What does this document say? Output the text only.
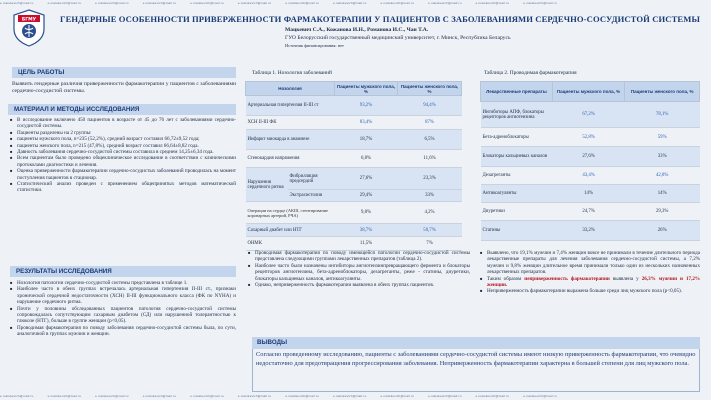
e.matskevich@mail.ru	e.matskevich@mail.ru	e.matskevich@mail.ru	e.matskevich@mail.ru	e.matskevich@mail.ru	e.matskevich@mail.ru	e.matskevich@mail.ru	e.matskevich@mail.ru	e.matskevich@mail.ru	e.matskevich@mail.ru	e.matskevich@mail.ru	e.matskevich@mail.ru
e.matskevich@mail.ru	e.matskevich@mail.ru	e.matskevich@mail.ru	e.matskevich@mail.ru	e.matskevich@mail.ru	e.matskevich@mail.ru	e.matskevich@mail.ru	e.matskevich@mail.ru	e.matskevich@mail.ru	e.matskevich@mail.ru	e.matskevich@mail.ru	e.matskevich@mail.ru
БГМУ	ГЕНДЕРНЫЕ ОСОБЕННОСТИ ПРИВЕРЖЕННОСТИ ФАРМАКОТЕРАПИИ У ПАЦИЕНТОВ С ЗАБОЛЕВАНИЯМИ СЕРДЕЧНО-СОСУДИСТОЙ СИСТЕМЫ
Мацкевич С.А., Кожанова И.Н., Романова И.С., Чан Т.А.
ГУО Белорусский государственный медицинский университет, г. Минск, Республика Беларусь
Источник финансирования: нет
ЦЕЛЬ РАБОТЫ
Выявить гендерные различия приверженности фармакотерапии у пациентов с заболеваниями сердечно-сосудистой системы.
МАТЕРИАЛ И МЕТОДЫ ИССЛЕДОВАНИЯ
■ В исследование включено 450 пациентов в возрасте от 45 до 76 лет с заболеваниями сердечно-сосудистой системы.
■ Пациенты разделены на 2 группы:
■ пациенты мужского пола, n=235 (52,2%), средний возраст составил 66,72±9,52 года;
■ пациенты женского пола, n=215 (47,8%), средний возраст составил 66,64±8,82 года.
■ Давность заболевания сердечно-сосудистой системы составила в среднем 14,25±6,34 года.
■ Всем пациентам было проведено общеклиническое исследование в соответствии с клиническими протоколами диагностики и лечения.
■ Оценка приверженности фармакотерапии сердечно-сосудистых заболеваний проводилась на момент поступления пациентов в стационар.
■ Статистический анализ проведен с применением общепринятых методов математической статистики.
РЕЗУЛЬТАТЫ ИССЛЕДОВАНИЯ
■ Нозология патологии сердечно-сосудистой системы представлена в таблице 1.
■ Наиболее часто в обеих группах встречалась артериальная гипертензия II-III ст., признаки хронической сердечной недостаточности (ХСН) II-III функционального класса (ФК по NYHA) и нарушение сердечного ритма.
■ Почти у половины обследованных пациентов патология сердечно-сосудистой системы сопровождалась сопутствующим сахарным диабетом (СД) или нарушенной толерантностью к глюкозе (НТГ), больше в группе женщин (p<0,05).
■ Проводимая фармакотерапия по поводу заболевания сердечно-сосудистой системы была, по сути, аналогичной в группах мужчин и женщин.
Таблица 1. Нозология заболеваний
Нозология		Пациенты мужского пола, %	Пациенты женского пола, %
Артериальная гипертензия II-III ст		93,2%	94,4%
ХСН II-III ФК		83,4%	87%
Инфаркт миокарда в анамнезе		18,7%	6,5%
Стенокардия напряжения		6,8%	11,6%
Нарушения сердечного ритма	Фибрилляция предсердий	27,6%	23,3%
	Экстрасистолия	29,4%	33%
Операции на сердце (АКШ, стентирование коронарных артерий, РЧА)		9,8%	4,2%
Сахарный диабет или НТГ		38,7%	50,7%
ОНМК		11,5%	7%
Таблица 2. Проводимая фармакотерапия
Лекарственные препараты	Пациенты мужского пола, %	Пациенты женского пола, %
Ингибиторы АПФ, блокаторы рецепторов ангиотензина	67,2%	78,1%
Бета-адреноблокаторы	52,8%	59%
Блокаторы кальциевых каналов	27,6%	33%
Дезагреганты	43,4%	42,8%
Антикоагулянты	14%	14%
Диуретики	24,7%	29,3%
Статины	33,2%	26%
■ Проводимая фармакотерапия по поводу имеющейся патологии сердечно-сосудистой системы представлена следующими группами лекарственных препаратов (таблица 2).
■ Наиболее часто были назначены ингибиторы ангиотензинпревращающего фермента и блокаторы рецепторов ангиотензина, бета-адреноблокаторы, дезагреганты, реже - статины, диуретики, блокаторы кальциевых каналов, антикоагулянты.
■ Однако, неприверженность фармакотерапии выявлена в обеих группах пациентов.
■ Выявлено, что 19,1% мужчин и 7,4% женщин вовсе не принимали в течение длительного периода лекарственные препараты для лечения заболевания сердечно-сосудистой системы, а 7,2% мужчин и 9,8% женщин длительное время принимали только один из нескольких назначенных лекарственных препаратов.
■ Таким образом неприверженность фармакотерапии выявлена у 26,3% мужчин и 17,2% женщин.
■ Неприверженность фармакотерапии выражена больше среди лиц мужского пола (p<0,05).
ВЫВОДЫ
Согласно проведенному исследованию, пациенты с заболеваниями сердечно-сосудистой системы имеют низкую приверженность фармакотерапии, что очевидно недостаточно для предотвращения прогрессирования заболевания. Неприверженность фармакотерапии характерна в большей степени для лиц мужского пола.
